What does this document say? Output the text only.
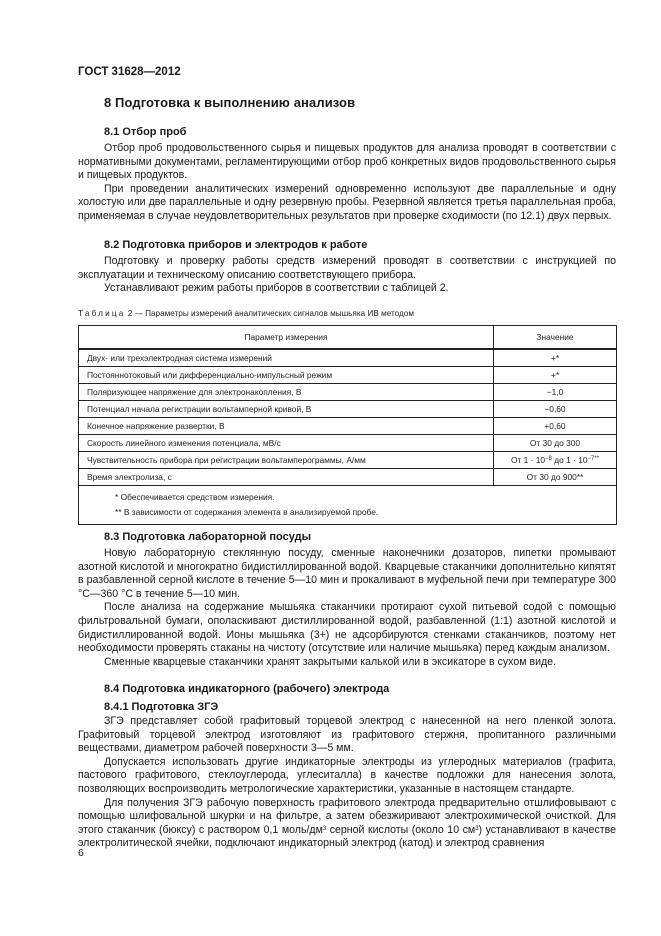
ГОСТ 31628—2012
8 Подготовка к выполнению анализов
8.1 Отбор проб

Отбор проб продовольственного сырья и пищевых продуктов для анализа проводят в соответствии с нормативными документами, регламентирующими отбор проб конкретных видов продовольственного сырья и пищевых продуктов.

При проведении аналитических измерений одновременно используют две параллельные и одну холостую или две параллельные и одну резервную пробы. Резервной является третья параллельная проба, применяемая в случае неудовлетворительных результатов при проверке сходимости (по 12.1) двух первых.

8.2 Подготовка приборов и электродов к работе

Подготовку и проверку работы средств измерений проводят в соответствии с инструкцией по эксплуатации и техническому описанию соответствующего прибора.

Устанавливают режим работы приборов в соответствии с таблицей 2.

Таблица 2 — Параметры измерений аналитических сигналов мышьяка ИВ методом
Параметр измерения	Значение
Двух- или трехэлектродная система измерений	+*
Постояннотоковый или дифференциально-импульсный режим	+*
Поляризующее напряжение для электронакопления, В	−1,0
Потенциал начала регистрации вольтамперной кривой, В	−0,60
Конечное напряжение развертки, В	+0,60
Скорость линейного изменения потенциала, мВ/с	От 30 до 300
Чувствительность прибора при регистрации вольтамперограммы, А/мм	От $1 \cdot 10^{-8}$ до $1 \cdot 10^{-7**}$
Время электролиза, с	От 30 до 900**

* Обеспечивается средством измерения.
** В зависимости от содержания элемента в анализируемой пробе.	
8.3 Подготовка лабораторной посуды

Новую лабораторную стеклянную посуду, сменные наконечники дозаторов, пипетки промывают азотной кислотой и многократно бидистиллированной водой. Кварцевые стаканчики дополнительно кипятят в разбавленной серной кислоте в течение 5—10 мин и прокаливают в муфельной печи при температуре 300 °С—360 °С в течение 5—10 мин.

После анализа на содержание мышьяка стаканчики протирают сухой питьевой содой с помощью фильтровальной бумаги, ополаскивают дистиллированной водой, разбавленной (1:1) азотной кислотой и бидистиллированной водой. Ионы мышьяка (3+) не адсорбируются стенками стаканчиков, поэтому нет необходимости проверять стаканы на чистоту (отсутствие или наличие мышьяка) перед каждым анализом.

Сменные кварцевые стаканчики хранят закрытыми калькой или в эксикаторе в сухом виде.

8.4 Подготовка индикаторного (рабочего) электрода
8.4.1 Подготовка ЗГЭ

ЗГЭ представляет собой графитовый торцевой электрод с нанесенной на него пленкой золота. Графитовый торцевой электрод изготовляют из графитового стержня, пропитанного различными веществами, диаметром рабочей поверхности 3—5 мм.

Допускается использовать другие индикаторные электроды из углеродных материалов (графита, пастового графитового, стеклоуглерода, углеситалла) в качестве подложки для нанесения золота, позволяющих воспроизводить метрологические характеристики, указанные в настоящем стандарте.

Для получения ЗГЭ рабочую поверхность графитового электрода предварительно отшлифовывают с помощью шлифовальной шкурки и на фильтре, а затем обезжиривают электрохимической очисткой. Для этого стаканчик (бюксу) с раствором 0,1 моль/$дм^3$ серной кислоты (около 10 $см^3$) устанавливают в качестве электролитической ячейки, подключают индикаторный электрод (катод) и электрод сравнения

6
